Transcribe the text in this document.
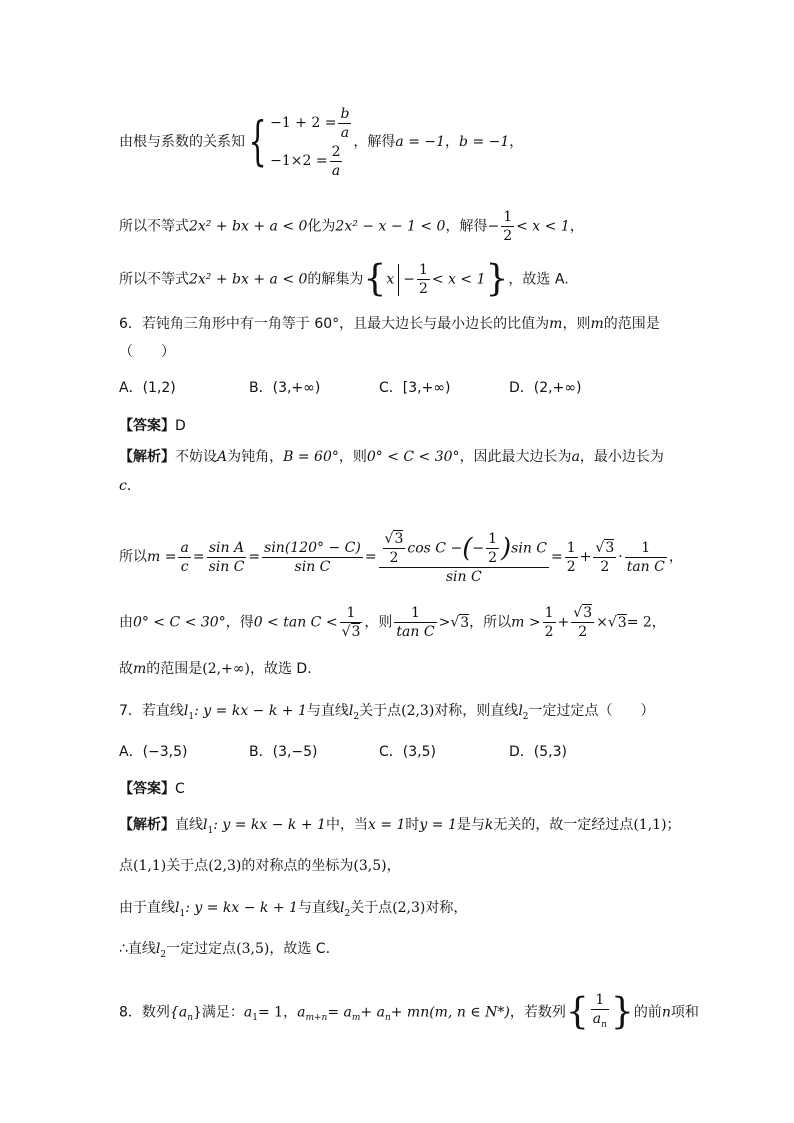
由根与系数的关系知{ $-1 + 2 = \frac{b}{a}$
$-1\times 2 = \frac{2}{a}$
，解得a = −1，b = −1，
所以不等式2x² + bx + a < 0化为2x² − x − 1 < 0，解得− $\frac{1}{2} < x < 1$，
所以不等式2x² + bx + a < 0的解集为$\{x - \frac{1}{2} < x < 1\}$，故选 A.
6．若钝角三角形中有一角等于 60°，且最大边长与最小边长的比值为m，则m的范围是
（　　）
A．(1,2)	B．(3,+∞)	C．[3,+∞)	D．(2,+∞)
【答案】D
【解析】不妨设A为钝角，B = 60°，则0° < C < 30°，因此最大边长为a，最小边长为
c．
所以$m = \frac{a}{c} = \frac{\text{sin A}}{\text{sin C}} = \frac{\sin(120^\circ - C)}{\text{sin C}} = \frac{\frac{√3}{2} \cos C -(- \frac{1}{2} )\sin C}{\text{sin C}} = \frac{1}{2} + \frac{√3}{2} \cdot \frac{1}{\text{tan C}}$ ，
由0° < C < 30°，得$0 < \tan C < \frac{1}{√3}$ ，则 $\frac{1}{\text{tan C}} >√3$，所以$m > \frac{1}{2} + \frac{√3}{2} \times√3= 2$，
故m的范围是(2,+∞)，故选 D.
7．若直线$l_1$: y = kx − k + 1与直线$l_2$关于点(2,3)对称，则直线$l_2$一定过定点（　　）
A．(−3,5)	B．(3,−5)	C．(3,5)	D．(5,3)
【答案】C
【解析】直线$l_1$: y = kx − k + 1中，当x = 1时y = 1是与k无关的，故一定经过点(1,1)；
点(1,1)关于点(2,3)的对称点的坐标为(3,5)，
由于直线$l_1$: y = kx − k + 1与直线$l_2$关于点(2,3)对称，
∴直线$l_2$一定过定点(3,5)，故选 C.
8．数列$\{a_n\}$满足：$a_1= 1$，$a_{m+n}= a_m+ a_n+ mn(m$, n ∈ N*)，若数列{ $\frac{1}{a_n}$ }的前n项和
